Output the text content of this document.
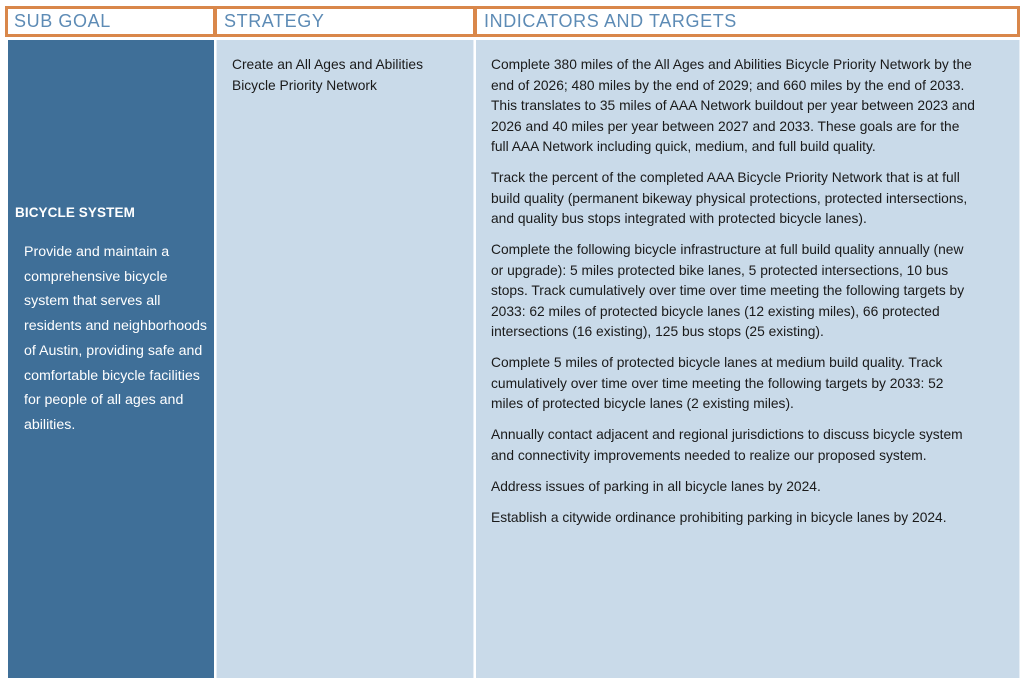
SUB GOAL	STRATEGY	INDICATORS AND TARGETS
BICYCLE SYSTEM
Provide and maintain a comprehensive bicycle system that serves all residents and neighborhoods of Austin, providing safe and comfortable bicycle facilities for people of all ages and abilities.

Create an All Ages and Abilities Bicycle Priority Network

Complete 380 miles of the All Ages and Abilities Bicycle Priority Network by the end of 2026; 480 miles by the end of 2029; and 660 miles by the end of 2033. This translates to 35 miles of AAA Network buildout per year between 2023 and 2026 and 40 miles per year between 2027 and 2033. These goals are for the full AAA Network including quick, medium, and full build quality.

Track the percent of the completed AAA Bicycle Priority Network that is at full build quality (permanent bikeway physical protections, protected intersections, and quality bus stops integrated with protected bicycle lanes).

Complete the following bicycle infrastructure at full build quality annually (new or upgrade): 5 miles protected bike lanes, 5 protected intersections, 10 bus stops. Track cumulatively over time over time meeting the following targets by 2033: 62 miles of protected bicycle lanes (12 existing miles), 66 protected intersections (16 existing), 125 bus stops (25 existing).

Complete 5 miles of protected bicycle lanes at medium build quality. Track cumulatively over time over time meeting the following targets by 2033: 52 miles of protected bicycle lanes (2 existing miles).

Annually contact adjacent and regional jurisdictions to discuss bicycle system and connectivity improvements needed to realize our proposed system.

Address issues of parking in all bicycle lanes by 2024.

Establish a citywide ordinance prohibiting parking in bicycle lanes by 2024.
